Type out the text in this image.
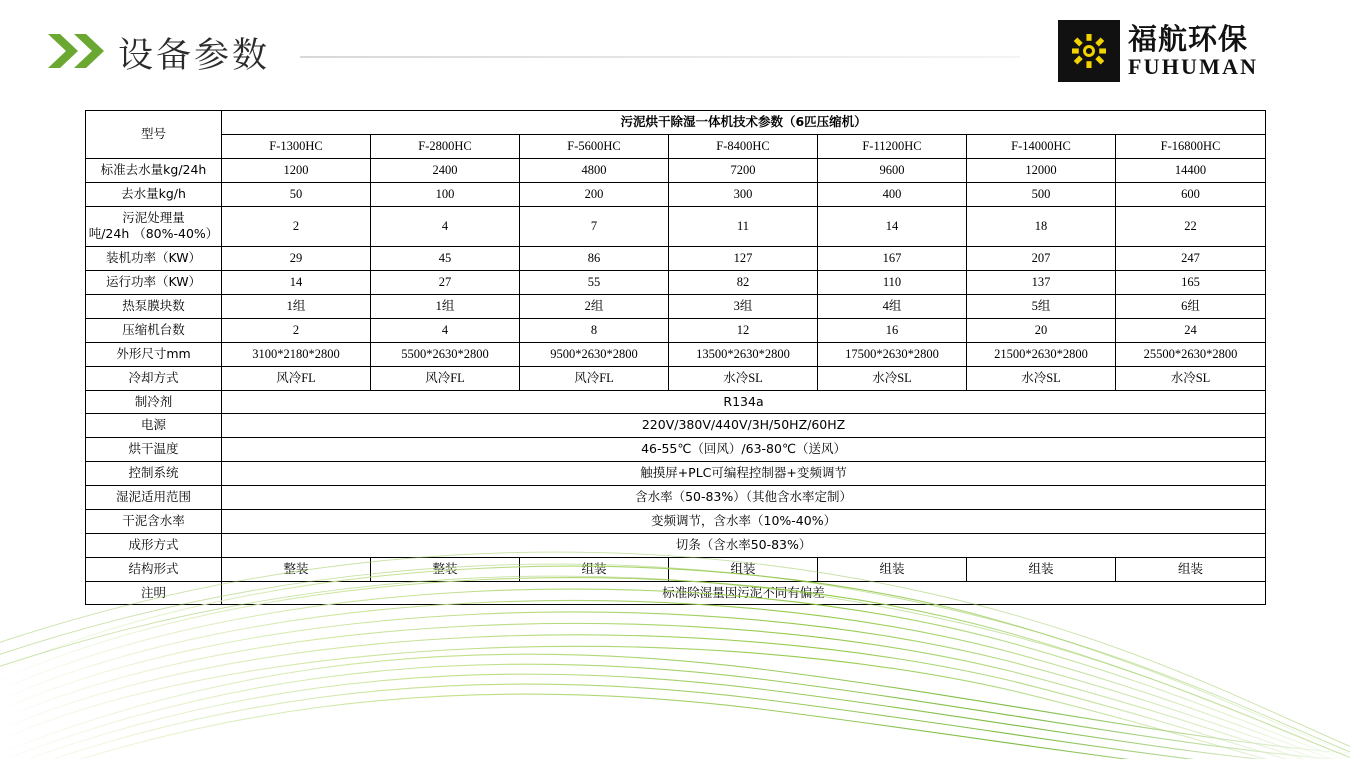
设备参数	福航环保
FUHUMAN
型号	污泥烘干除湿一体机技术参数（6匹压缩机）						
	F-1300HC	F-2800HC	F-5600HC	F-8400HC	F-11200HC	F-14000HC	F-16800HC
标准去水量kg/24h	1200	2400	4800	7200	9600	12000	14400
去水量kg/h	50	100	200	300	400	500	600
污泥处理量
吨/24h （80%-40%）	2	4	7	11	14	18	22
装机功率（KW）	29	45	86	127	167	207	247
运行功率（KW）	14	27	55	82	110	137	165
热泵膜块数	1组	1组	2组	3组	4组	5组	6组
压缩机台数	2	4	8	12	16	20	24
外形尺寸mm	3100*2180*2800	5500*2630*2800	9500*2630*2800	13500*2630*2800	17500*2630*2800	21500*2630*2800	25500*2630*2800
冷却方式	风冷FL	风冷FL	风冷FL	水冷SL	水冷SL	水冷SL	水冷SL
制冷剂	R134a						
电源	220V/380V/440V/3H/50HZ/60HZ						
烘干温度	46-55℃（回风）/63-80℃（送风）						
控制系统	触摸屏+PLC可编程控制器+变频调节						
湿泥适用范围	含水率（50-83%）（其他含水率定制）						
干泥含水率	变频调节，含水率（10%-40%）						
成形方式	切条（含水率50-83%）						
结构形式	整装	整装	组装	组装	组装	组装	组装
注明	标准除湿量因污泥不同有偏差						
